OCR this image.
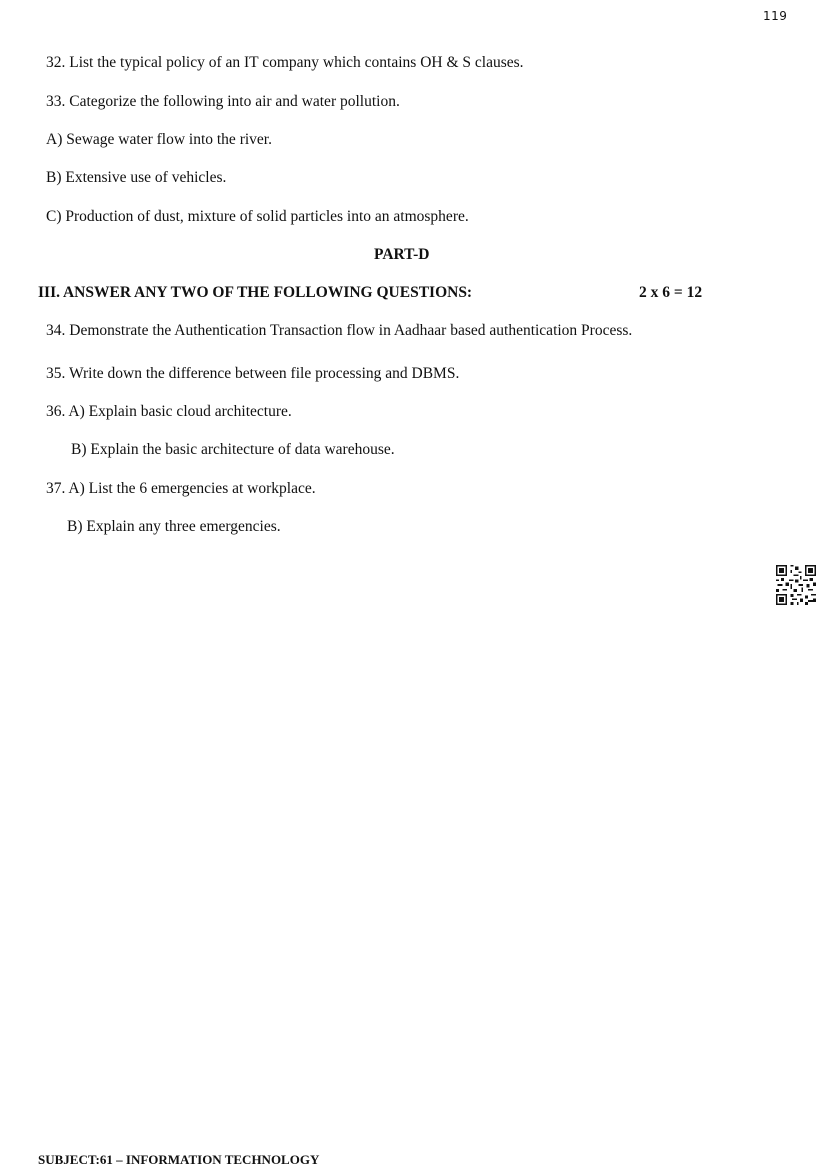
119
32. List the typical policy of an IT company which contains OH & S clauses.
33. Categorize the following into air and water pollution.
A) Sewage water flow into the river.
B) Extensive use of vehicles.
C) Production of dust, mixture of solid particles into an atmosphere.
PART-D
III. ANSWER ANY TWO OF THE FOLLOWING QUESTIONS:	2 x 6 = 12
34. Demonstrate the Authentication Transaction flow in Aadhaar based authentication Process.
35. Write down the difference between file processing and DBMS.
36. A) Explain basic cloud architecture.
B) Explain the basic architecture of data warehouse.
37. A) List the 6 emergencies at workplace.
B) Explain any three emergencies.
SUBJECT:61 – INFORMATION TECHNOLOGY
